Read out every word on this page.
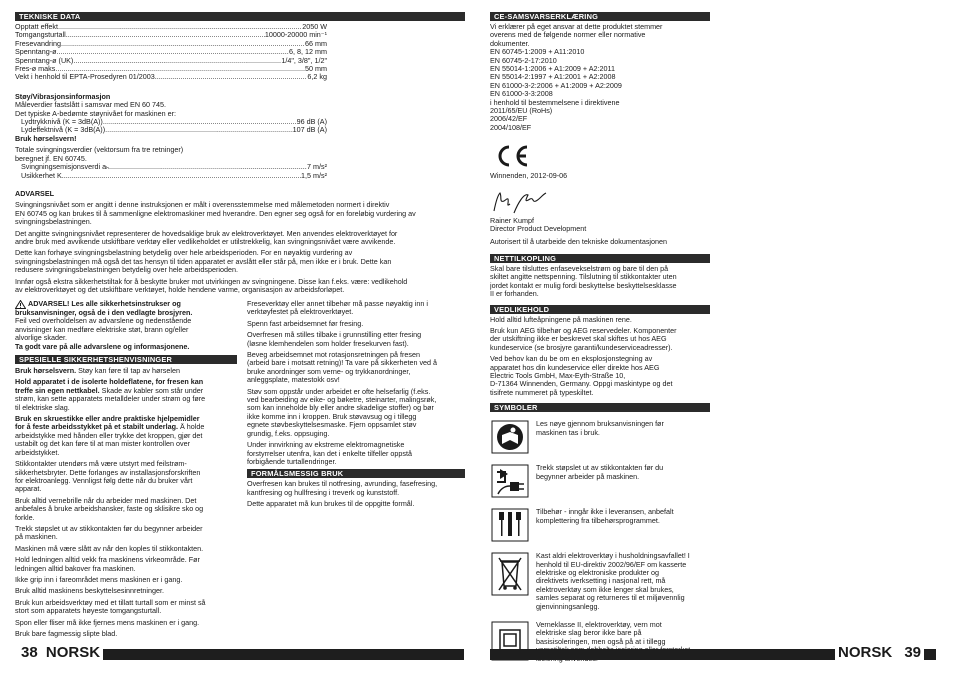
TEKNISKE DATA
Opptatt effekt .....	2050 W
Tomgangsturtall .....	10000-20000 min⁻¹
Fresevandring .....	66 mm
Spenntang-ø .....	6, 8, 12 mm
Spenntang-ø (UK) .....	1/4", 3/8", 1/2"
Fres-ø maks. .....	50 mm
Vekt i henhold til EPTA-Prosedyren 01/2003 .....	6,2 kg
Støy/Vibrasjonsinformasjon
Måleverdier fastslått i samsvar med EN 60 745.
Det typiske A-bedømte støynivået for maskinen er:
Lydtrykknivå (K = 3dB(A)) .....	96 dB (A)
Lydeffektnivå (K = 3dB(A)) .....	107 dB (A)
Bruk hørselsvern!
Totale svingningsverdier (vektorsum fra tre retninger)
beregnet jf. EN 60745.
Svingningsemisjonsverdi aₕ .....	7 m/s²
Usikkerhet K .....	1,5 m/s²
ADVARSEL

Svingningsnivået som er angitt i denne instruksjonen er målt i overensstemmelse med målemetoden normert i direktiv
EN 60745 og kan brukes til å sammenligne elektromaskiner med hverandre. Den egner seg også for en foreløbig vurdering av
svingningsbelastningen.

Det angitte svingningsnivået representerer de hovedsaklige bruk av elektroverktøyet. Men anvendes elektroverktøyet for
andre bruk med avvikende utskiftbare verktøy eller vedlikeholdet er utilstrekkelig, kan svingningsnivået være avvikende.

Dette kan forhøye svingningsbelastning betydelig over hele arbeidsperioden. For en nøyaktig vurdering av
svingningsbelastningen må også det tas hensyn til tiden apparatet er avslått eller står på, men ikke er i bruk. Dette kan
redusere svingningsbelastningen betydelig over hele arbeidsperioden.

Innfør også ekstra sikkerhetstiltak for å beskytte bruker mot utvirkingen av svingningene. Disse kan f.eks. være: vedlikehold
av elektroverktøyet og det utskiftbare verktøyet, holde hendene varme, organisasjon av arbeidsforløpet.

ADVARSEL! Les alle sikkerhetsinstrukser og
bruksanvisninger, også de i den vedlagte brosjyren.
Feil ved overholdelsen av advarslene og nedenstående
anvisninger kan medføre elektriske støt, brann og/eller
alvorlige skader.
Ta godt vare på alle advarslene og informasjonene.
SPESIELLE SIKKERHETSHENVISNINGER

Bruk hørselsvern. Støy kan føre til tap av hørselen

Hold apparatet i de isolerte holdeflatene, for fresen kan
treffe sin egen nettkabel. Skade av kabler som står under
strøm, kan sette apparatets metalldeler under strøm og føre
til elektriske slag.

Bruk en skruestikke eller andre praktiske hjelpemidler
for å feste arbeidsstykket på et stabilt underlag. Å holde
arbeidstykke med hånden eller trykke det kroppen, gjør det
ustabilt og det kan føre til at man mister kontrollen over
arbeidstykket.

Stikkontakter utendørs må være utstyrt med feilstrøm-
sikkerhetsbryter. Dette forlanges av installasjonsforskriften
for elektroanlegg. Vennligst følg dette når du bruker vårt
apparat.

Bruk alltid vernebrille når du arbeider med maskinen. Det
anbefales å bruke arbeidshansker, faste og sklisikre sko og
forkle.

Trekk støpslet ut av stikkontakten før du begynner arbeider
på maskinen.

Maskinen må være slått av når den koples til stikkontakten.

Hold ledningen alltid vekk fra maskinens virkeområde. Før
ledningen alltid bakover fra maskinen.

Ikke grip inn i fareområdet mens maskinen er i gang.

Bruk alltid maskinens beskyttelsesinnretninger.

Bruk kun arbeidsverktøy med et tillatt turtall som er minst så
stort som apparatets høyeste tomgangsturtall.

Spon eller fliser må ikke fjernes mens maskinen er i gang.

Bruk bare fagmessig slipte blad.

Freseverktøy eller annet tilbehør må passe nøyaktig inn i
verktøyfestet på elektroverktøyet.

Spenn fast arbeidsemnet før fresing.

Overfresen må stilles tilbake i grunnstilling etter fresing
(løsne klemhendelen som holder fresekurven fast).

Beveg arbeidsemnet mot rotasjonsretningen på fresen
(arbeid bare i motsatt retning)! Ta vare på sikkerheten ved å
bruke anordninger som verne- og trykkanordninger,
anleggsplate, matestokk osv!

Støv som oppstår under arbeidet er ofte helsefarlig (f.eks.
ved bearbeiding av eike- og bøketre, steinarter, malingsrøk,
som kan inneholde bly eller andre skadelige stoffer) og bør
ikke komme inn i kroppen. Bruk støvavsug og i tillegg
egnete støvbeskyttelsesmaske. Fjern oppsamlet støv
grundig, f.eks. oppsuging.

Under innvirkning av ekstreme elektromagnetiske
forstyrrelser utenfra, kan det i enkelte tilfeller oppstå
forbigående turtallendringer.

FORMÅLSMESSIG BRUK

Overfresen kan brukes til notfresing, avrunding, fasefresing,
kantfresing og hullfresing i treverk og kunststoff.

Dette apparatet må kun brukes til de oppgitte formål.

CE-SAMSVARSERKLÆRING
Vi erklærer på eget ansvar at dette produktet stemmer
overens med de følgende normer eller normative
dokumenter.
EN 60745-1:2009 + A11:2010
EN 60745-2-17:2010
EN 55014-1:2006 + A1:2009 + A2:2011
EN 55014-2:1997 + A1:2001 + A2:2008
EN 61000-3-2:2006 + A1:2009 + A2:2009
EN 61000-3-3:2008
i henhold til bestemmelsene i direktivene
2011/65/EU (RoHs)
2006/42/EF
2004/108/EF
Winnenden, 2012-09-06
Rainer Kumpf
Director Product Development
Autorisert til å utarbeide den tekniske dokumentasjonen
NETTILKOPLING
Skal bare tilsluttes enfasevekselstrøm og bare til den på
skiltet angitte nettspenning. Tilslutning til stikkontakter uten
jordet kontakt er mulig fordi beskyttelse beskyttelsesklasse
II er forhanden.
VEDLIKEHOLD

Hold alltid lufteåpningene på maskinen rene.

Bruk kun AEG tilbehør og AEG reservedeler. Komponenter
der utskiftning ikke er beskrevet skal skiftes ut hos AEG
kundeservice (se brosjyre garanti/kundeserviceadresser).

Ved behov kan du be om en eksplosjonstegning av
apparatet hos din kundeservice eller direkte hos AEG
Electric Tools GmbH, Max-Eyth-Straße 10,
D-71364 Winnenden, Germany. Oppgi maskintype og det
tisifrete nummeret på typeskiltet.

SYMBOLER
Les nøye gjennom bruksanvisningen før
maskinen tas i bruk.
Trekk støpslet ut av stikkontakten før du
begynner arbeider på maskinen.
Tilbehør - inngår ikke i leveransen, anbefalt
komplettering fra tilbehørsprogrammet.
Kast aldri elektroverktøy i husholdningsavfallet! I
henhold til EU-direktiv 2002/96/EF om kasserte
elektriske og elektroniske produkter og
direktivets iverksetting i nasjonal rett, må
elektroverktøy som ikke lenger skal brukes,
samles separat og returneres til et miljøvennlig
gjenvinningsanlegg.
Verneklasse II, elektroverktøy, vern mot
elektriske slag beror ikke bare på
basisisoleringen, men også på at i tillegg
38 NORSK	NORSK 39
